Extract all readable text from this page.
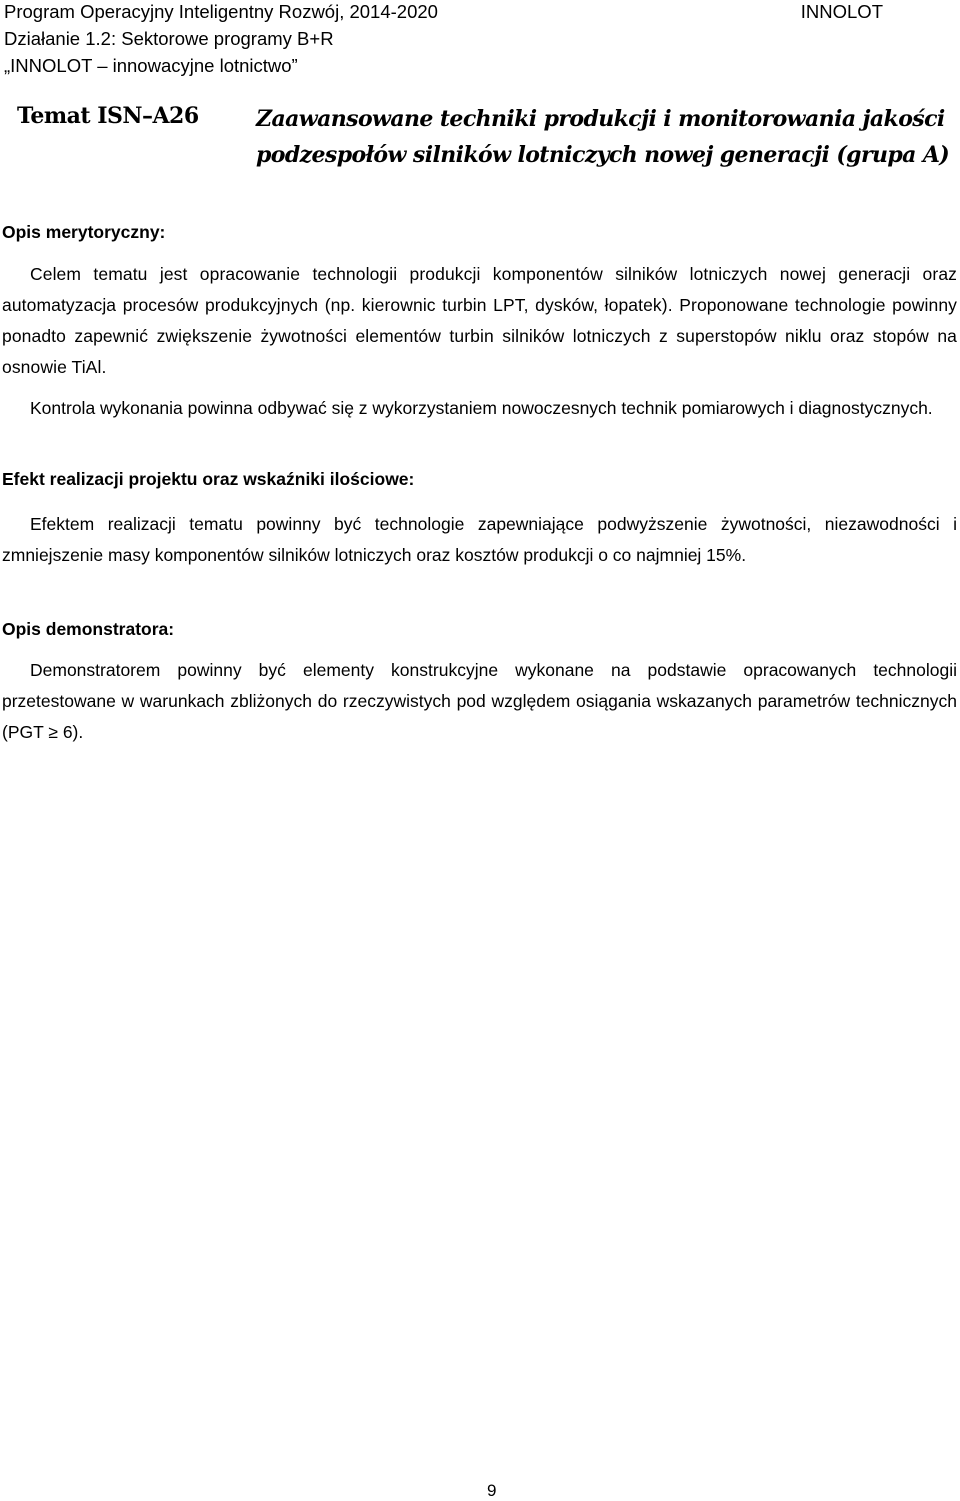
Program Operacyjny Inteligentny Rozwój, 2014-2020	INNOLOT
Działanie 1.2: Sektorowe programy B+R
„INNOLOT – innowacyjne lotnictwo”
Temat ISN–A26	Zaawansowane techniki produkcji i monitorowania jakości podzespołów silników lotniczych nowej generacji (grupa A)
Opis merytoryczny:
Celem tematu jest opracowanie technologii produkcji komponentów silników lotniczych nowej generacji oraz automatyzacja procesów produkcyjnych (np. kierownic turbin LPT, dysków, łopatek). Proponowane technologie powinny ponadto zapewnić zwiększenie żywotności elementów turbin silników lotniczych z superstopów niklu oraz stopów na osnowie TiAl.
Kontrola wykonania powinna odbywać się z wykorzystaniem nowoczesnych technik pomiarowych i diagnostycznych.
Efekt realizacji projektu oraz wskaźniki ilościowe:
Efektem realizacji tematu powinny być technologie zapewniające podwyższenie żywotności, niezawodności i zmniejszenie masy komponentów silników lotniczych oraz kosztów produkcji o co najmniej 15%.
Opis demonstratora:
Demonstratorem powinny być elementy konstrukcyjne wykonane na podstawie opracowanych technologii przetestowane w warunkach zbliżonych do rzeczywistych pod względem osiągania wskazanych parametrów technicznych (PGT ≥ 6).
9
